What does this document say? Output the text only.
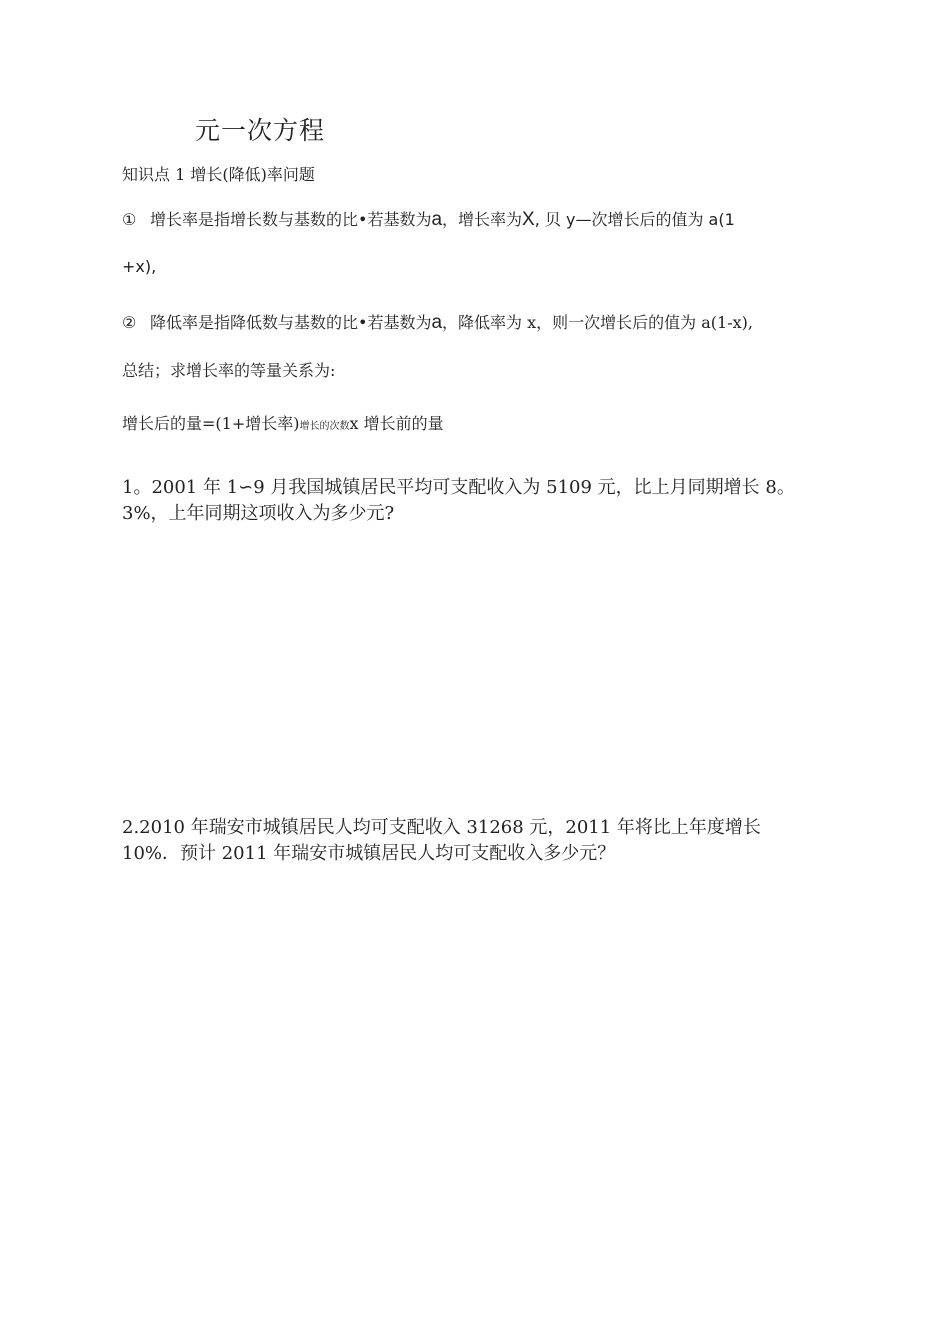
元一次方程
知识点 1 增长(降低)率问题
① 增长率是指增长数与基数的比•若基数为a，增长率为X, 贝 y—次增长后的值为 a(1
+x),
② 降低率是指降低数与基数的比•若基数为a，降低率为 x，则一次增长后的值为 a(1-x),
总结；求增长率的等量关系为:
增长后的量=(1+增长率)增长的次数x 增长前的量
1。2001 年 1∽9 月我国城镇居民平均可支配收入为 5109 元，比上月同期增长 8。
3%，上年同期这项收入为多少元?
2.2010 年瑞安市城镇居民人均可支配收入 31268 元，2011 年将比上年度增长
10%．预计 2011 年瑞安市城镇居民人均可支配收入多少元？
